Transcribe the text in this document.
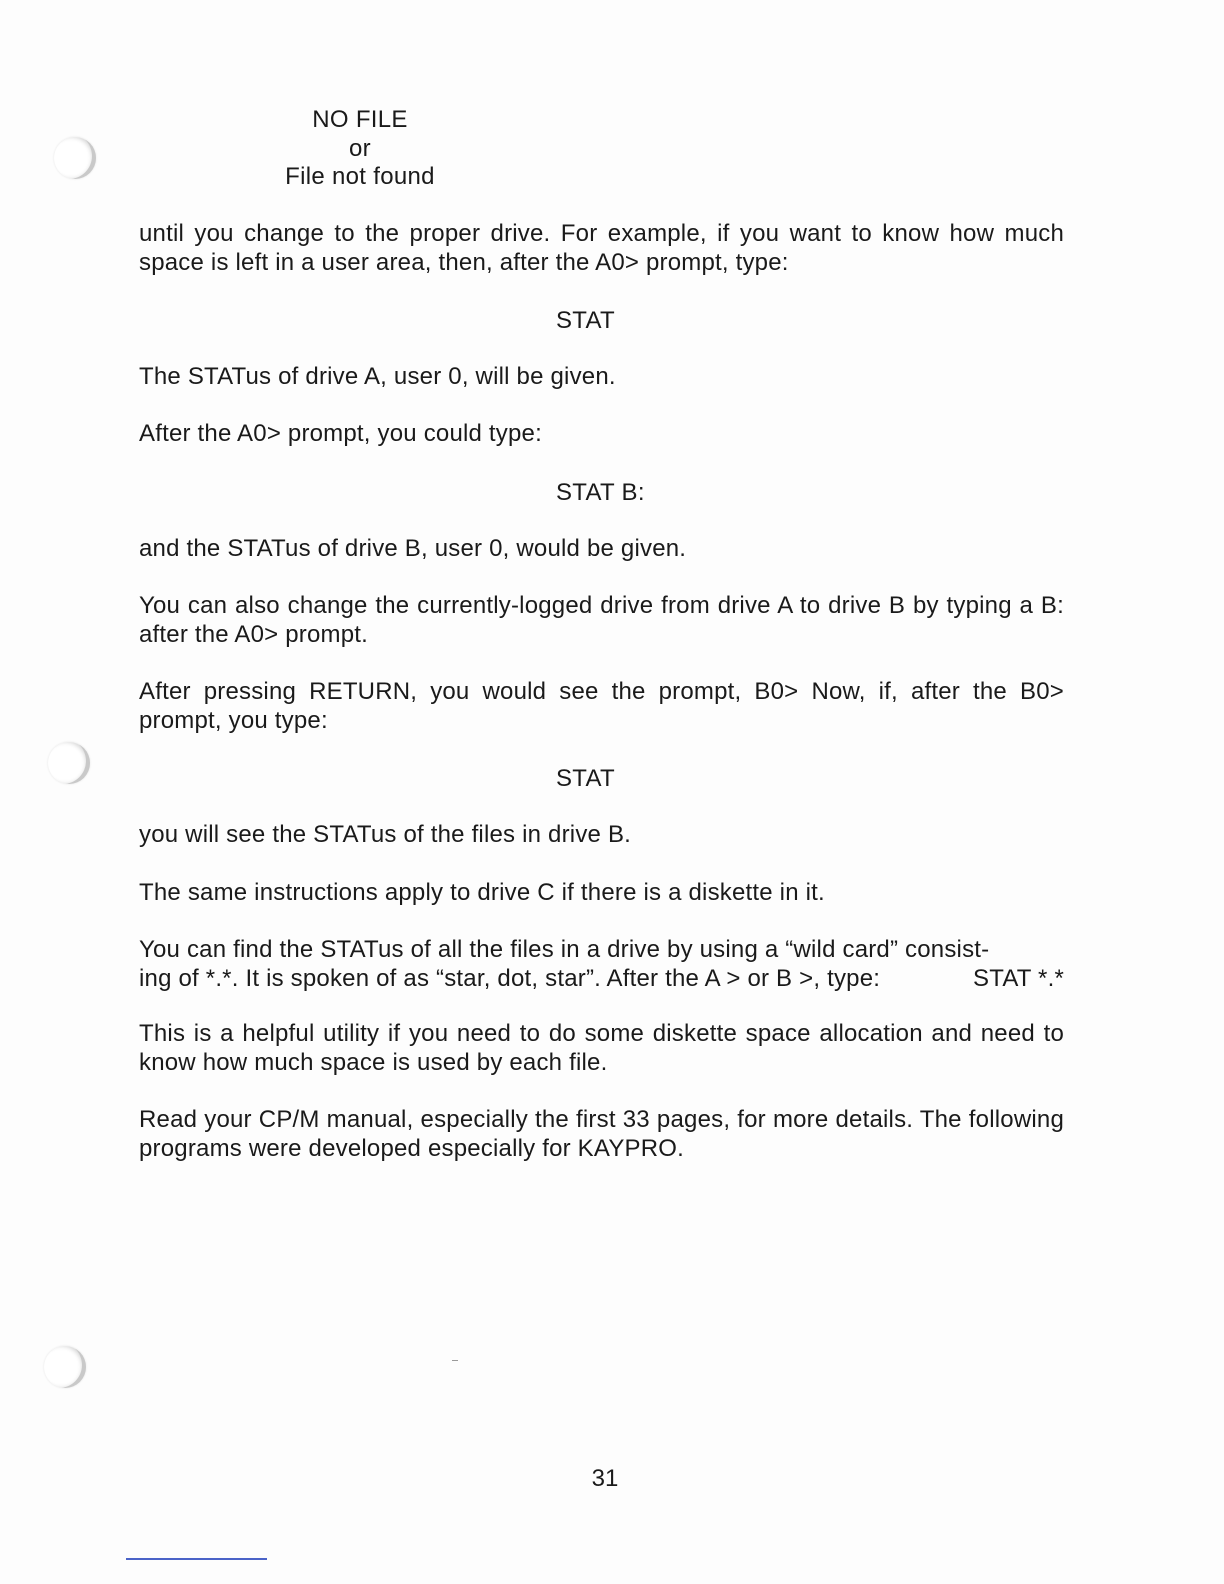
NO FILE
or
File not found

until you change to the proper drive. For example, if you want to know how much space is left in a user area, then, after the A0> prompt, type:

STAT

The STATus of drive A, user 0, will be given.

After the A0> prompt, you could type:

STAT B:

and the STATus of drive B, user 0, would be given.

You can also change the currently-logged drive from drive A to drive B by typing a B: after the A0> prompt.

After pressing RETURN, you would see the prompt, B0> Now, if, after the B0> prompt, you type:

STAT

you will see the STATus of the files in drive B.

The same instructions apply to drive C if there is a diskette in it.

You can find the STATus of all the files in a drive by using a “wild card” consist-
ing of *.*. It is spoken of as “star, dot, star”. After the A > or B >, type:	STAT *.*

This is a helpful utility if you need to do some diskette space allocation and need to know how much space is used by each file.

Read your CP/M manual, especially the first 33 pages, for more details. The following programs were developed especially for KAYPRO.

31
